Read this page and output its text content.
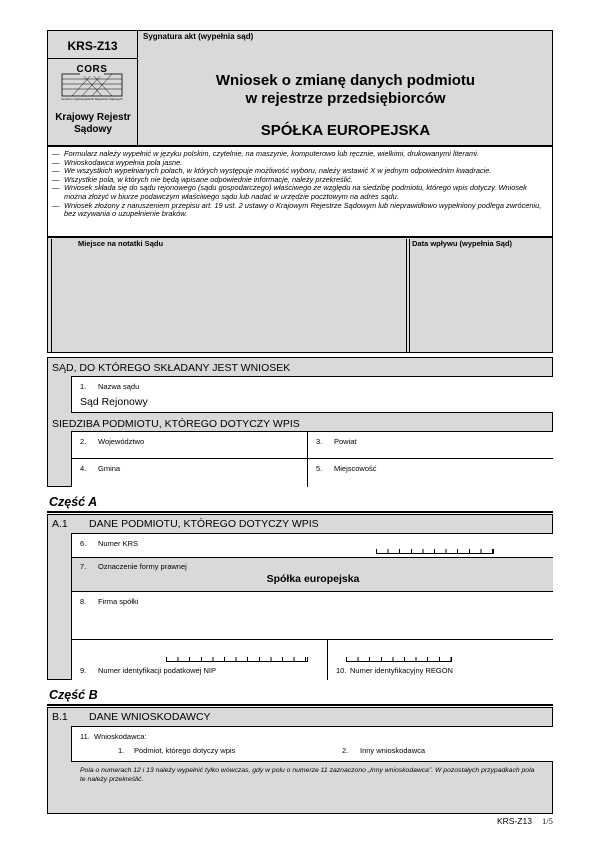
KRS-Z13
Sygnatura akt (wypełnia sąd)
CORS
Centrum Ogólnopolskich Rejestrów Sądowych
Krajowy Rejestr Sądowy
Wniosek o zmianę danych podmiotu
w rejestrze przedsiębiorców
SPÓŁKA EUROPEJSKA
— Formularz należy wypełnić w języku polskim, czytelnie, na maszynie, komputerowo lub ręcznie, wielkimi, drukowanymi literami.
— Wnioskodawca wypełnia pola jasne.
— We wszystkich wypełnianych polach, w których występuje możliwość wyboru, należy wstawić X w jednym odpowiednim kwadracie.
— Wszystkie pola, w których nie będą wpisane odpowiednie informacje, należy przekreślić.
— Wniosek składa się do sądu rejonowego (sądu gospodarczego) właściwego ze względu na siedzibę podmiotu, którego wpis dotyczy. Wniosek można złożyć w biurze podawczym właściwego sądu lub nadać w urzędzie pocztowym na adres sądu.
— Wniosek złożony z naruszeniem przepisu art. 19 ust. 2 ustawy o Krajowym Rejestrze Sądowym lub nieprawidłowo wypełniony podlega zwróceniu, bez wzywania o uzupełnienie braków.
Miejsce na notatki Sądu	Data wpływu (wypełnia Sąd)
SĄD, DO KTÓREGO SKŁADANY JEST WNIOSEK
1. Nazwa sądu
Sąd Rejonowy
SIEDZIBA PODMIOTU, KTÓREGO DOTYCZY WPIS
2. Województwo	3. Powiat
4. Gmina	5. Miejscowość
Część A
A.1 DANE PODMIOTU, KTÓREGO DOTYCZY WPIS
6. Numer KRS
7. Oznaczenie formy prawnej
Spółka europejska
8. Firma spółki
9. Numer identyfikacji podatkowej NIP	10. Numer identyfikacyjny REGON
Część B
B.1 DANE WNIOSKODAWCY
11. Wnioskodawca:
1. Podmiot, którego dotyczy wpis	2. Inny wnioskodawca
Pola o numerach 12 i 13 należy wypełnić tylko wówczas, gdy w polu o numerze 11 zaznaczono „Inny wnioskodawca”. W pozostałych przypadkach pola te należy przekreślić.
KRS-Z13 1/5
